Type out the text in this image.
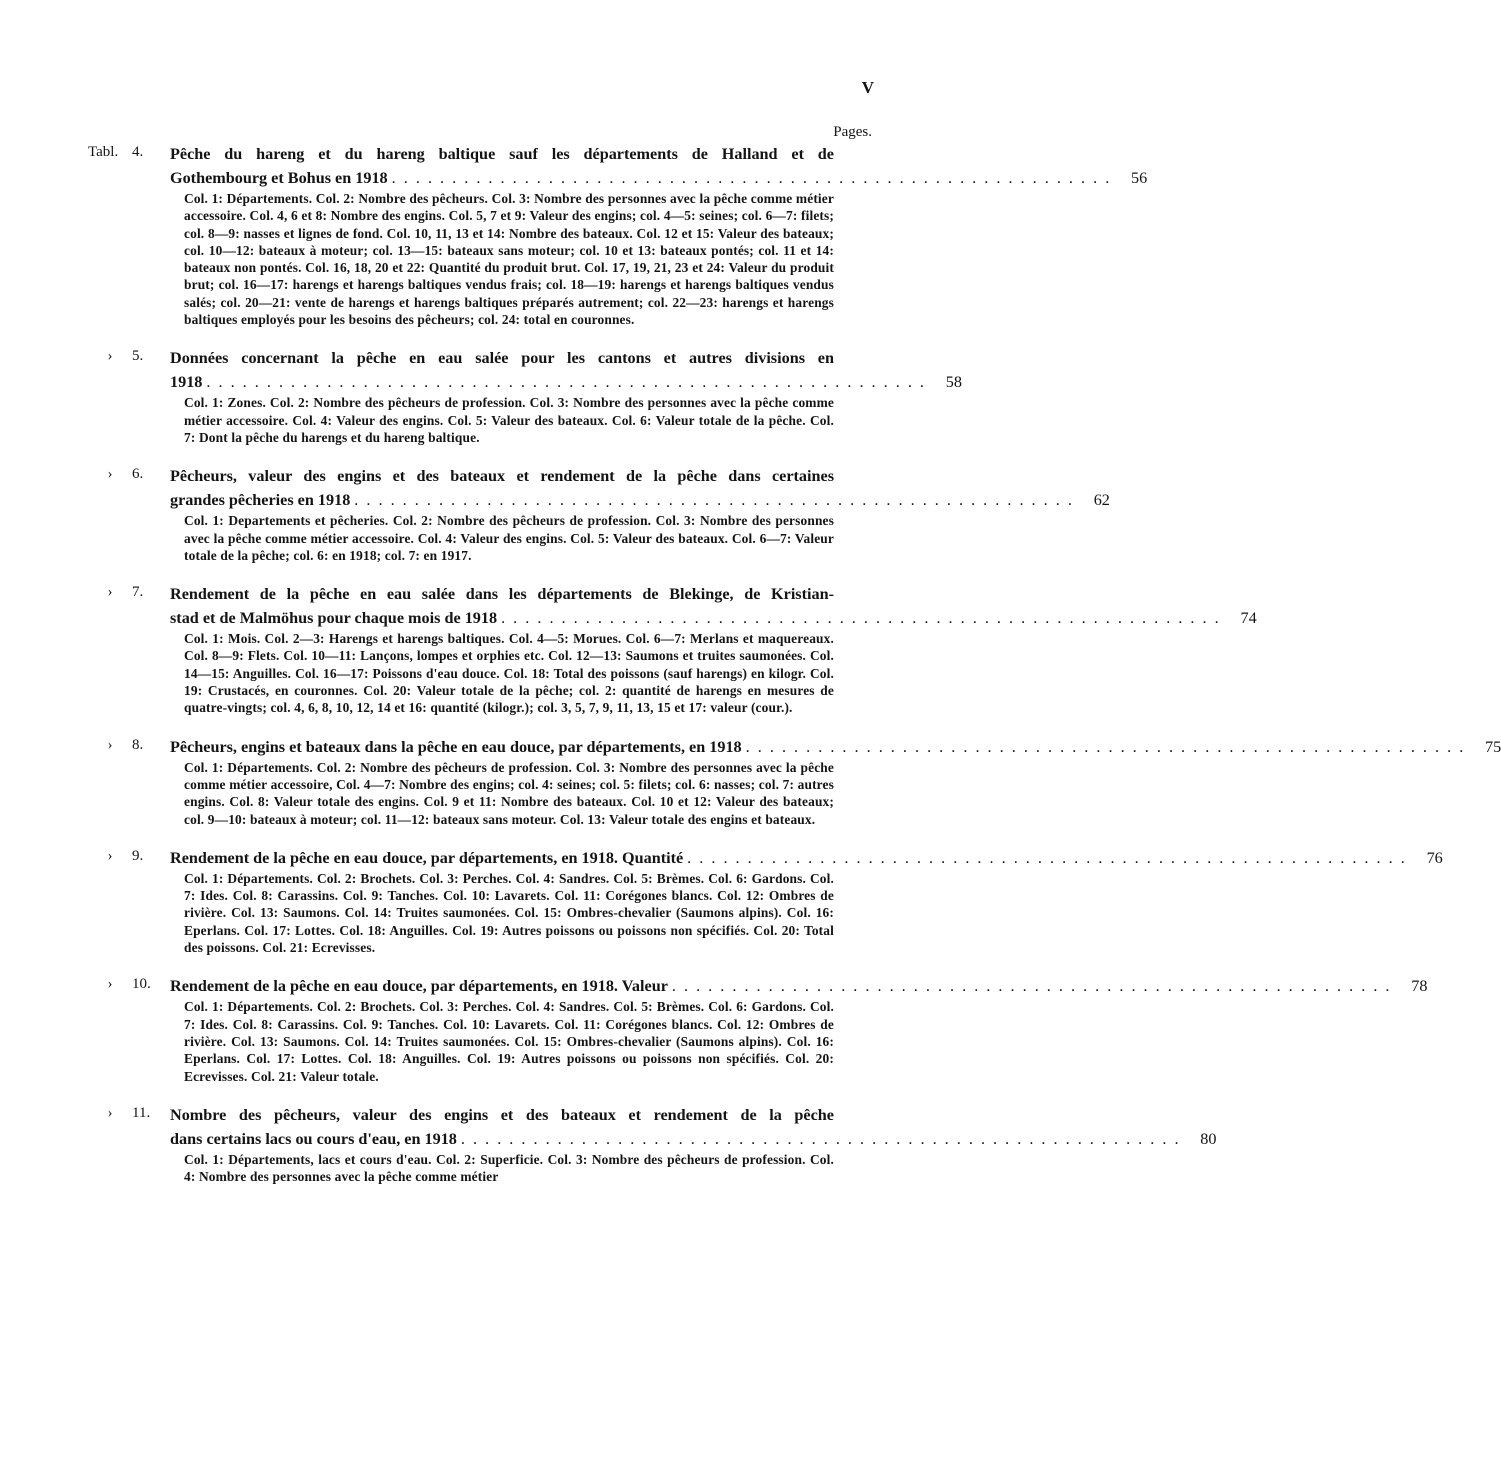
V
Pages.
Tabl. 4.	Pêche du hareng et du hareng baltique sauf les départements de Halland et de
Gothembourg et Bohus en 1918 . . . . . . . . . . . . . . . . . . . . . . . . . . . . . . . . . . . . . . . . . . . . . . . . . . . . . . . . . . . .	56

Col. 1: Départements. Col. 2: Nombre des pêcheurs. Col. 3: Nombre des personnes avec la pêche comme métier accessoire. Col. 4, 6 et 8: Nombre des engins. Col. 5, 7 et 9: Valeur des engins; col. 4—5: seines; col. 6—7: filets; col. 8—9: nasses et lignes de fond. Col. 10, 11, 13 et 14: Nombre des bateaux. Col. 12 et 15: Valeur des bateaux; col. 10—12: bateaux à moteur; col. 13—15: bateaux sans moteur; col. 10 et 13: bateaux pontés; col. 11 et 14: bateaux non pontés. Col. 16, 18, 20 et 22: Quantité du produit brut. Col. 17, 19, 21, 23 et 24: Valeur du produit brut; col. 16—17: harengs et harengs baltiques vendus frais; col. 18—19: harengs et harengs baltiques vendus salés; col. 20—21: vente de harengs et harengs baltiques préparés autrement; col. 22—23: harengs et harengs baltiques employés pour les besoins des pêcheurs; col. 24: total en couronnes.

› 5.	Données concernant la pêche en eau salée pour les cantons et autres divisions en
1918 . . . . . . . . . . . . . . . . . . . . . . . . . . . . . . . . . . . . . . . . . . . . . . . . . . . . . . . . . . . .	58

Col. 1: Zones. Col. 2: Nombre des pêcheurs de profession. Col. 3: Nombre des personnes avec la pêche comme métier accessoire. Col. 4: Valeur des engins. Col. 5: Valeur des bateaux. Col. 6: Valeur totale de la pêche. Col. 7: Dont la pêche du harengs et du hareng baltique.

› 6.	Pêcheurs, valeur des engins et des bateaux et rendement de la pêche dans certaines
grandes pêcheries en 1918 . . . . . . . . . . . . . . . . . . . . . . . . . . . . . . . . . . . . . . . . . . . . . . . . . . . . . . . . . . . .	62

Col. 1: Departements et pêcheries. Col. 2: Nombre des pêcheurs de profession. Col. 3: Nombre des personnes avec la pêche comme métier accessoire. Col. 4: Valeur des engins. Col. 5: Valeur des bateaux. Col. 6—7: Valeur totale de la pêche; col. 6: en 1918; col. 7: en 1917.

› 7.	Rendement de la pêche en eau salée dans les départements de Blekinge, de Kristian-
stad et de Malmöhus pour chaque mois de 1918 . . . . . . . . . . . . . . . . . . . . . . . . . . . . . . . . . . . . . . . . . . . . . . . . . . . . . . . . . . . .	74

Col. 1: Mois. Col. 2—3: Harengs et harengs baltiques. Col. 4—5: Morues. Col. 6—7: Merlans et maquereaux. Col. 8—9: Flets. Col. 10—11: Lançons, lompes et orphies etc. Col. 12—13: Saumons et truites saumonées. Col. 14—15: Anguilles. Col. 16—17: Poissons d'eau douce. Col. 18: Total des poissons (sauf harengs) en kilogr. Col. 19: Crustacés, en couronnes. Col. 20: Valeur totale de la pêche; col. 2: quantité de harengs en mesures de quatre-vingts; col. 4, 6, 8, 10, 12, 14 et 16: quantité (kilogr.); col. 3, 5, 7, 9, 11, 13, 15 et 17: valeur (cour.).

› 8.	Pêcheurs, engins et bateaux dans la pêche en eau douce, par départements, en 1918 . . . . . . . . . . . . . . . . . . . . . . . . . . . . . . . . . . . . . . . . . . . . . . . . . . . . . . . . . . . .	75

Col. 1: Départements. Col. 2: Nombre des pêcheurs de profession. Col. 3: Nombre des personnes avec la pêche comme métier accessoire, Col. 4—7: Nombre des engins; col. 4: seines; col. 5: filets; col. 6: nasses; col. 7: autres engins. Col. 8: Valeur totale des engins. Col. 9 et 11: Nombre des bateaux. Col. 10 et 12: Valeur des bateaux; col. 9—10: bateaux à moteur; col. 11—12: bateaux sans moteur. Col. 13: Valeur totale des engins et bateaux.

› 9.	Rendement de la pêche en eau douce, par départements, en 1918. Quantité . . . . . . . . . . . . . . . . . . . . . . . . . . . . . . . . . . . . . . . . . . . . . . . . . . . . . . . . . . . .	76

Col. 1: Départements. Col. 2: Brochets. Col. 3: Perches. Col. 4: Sandres. Col. 5: Brèmes. Col. 6: Gardons. Col. 7: Ides. Col. 8: Carassins. Col. 9: Tanches. Col. 10: Lavarets. Col. 11: Corégones blancs. Col. 12: Ombres de rivière. Col. 13: Saumons. Col. 14: Truites saumonées. Col. 15: Ombres-chevalier (Saumons alpins). Col. 16: Eperlans. Col. 17: Lottes. Col. 18: Anguilles. Col. 19: Autres poissons ou poissons non spécifiés. Col. 20: Total des poissons. Col. 21: Ecrevisses.

› 10.	Rendement de la pêche en eau douce, par départements, en 1918. Valeur . . . . . . . . . . . . . . . . . . . . . . . . . . . . . . . . . . . . . . . . . . . . . . . . . . . . . . . . . . . .	78

Col. 1: Départements. Col. 2: Brochets. Col. 3: Perches. Col. 4: Sandres. Col. 5: Brèmes. Col. 6: Gardons. Col. 7: Ides. Col. 8: Carassins. Col. 9: Tanches. Col. 10: Lavarets. Col. 11: Corégones blancs. Col. 12: Ombres de rivière. Col. 13: Saumons. Col. 14: Truites saumonées. Col. 15: Ombres-chevalier (Saumons alpins). Col. 16: Eperlans. Col. 17: Lottes. Col. 18: Anguilles. Col. 19: Autres poissons ou poissons non spécifiés. Col. 20: Ecrevisses. Col. 21: Valeur totale.

› 11.	Nombre des pêcheurs, valeur des engins et des bateaux et rendement de la pêche
dans certains lacs ou cours d'eau, en 1918 . . . . . . . . . . . . . . . . . . . . . . . . . . . . . . . . . . . . . . . . . . . . . . . . . . . . . . . . . . . .	80

Col. 1: Départements, lacs et cours d'eau. Col. 2: Superficie. Col. 3: Nombre des pêcheurs de profession. Col. 4: Nombre des personnes avec la pêche comme métier
